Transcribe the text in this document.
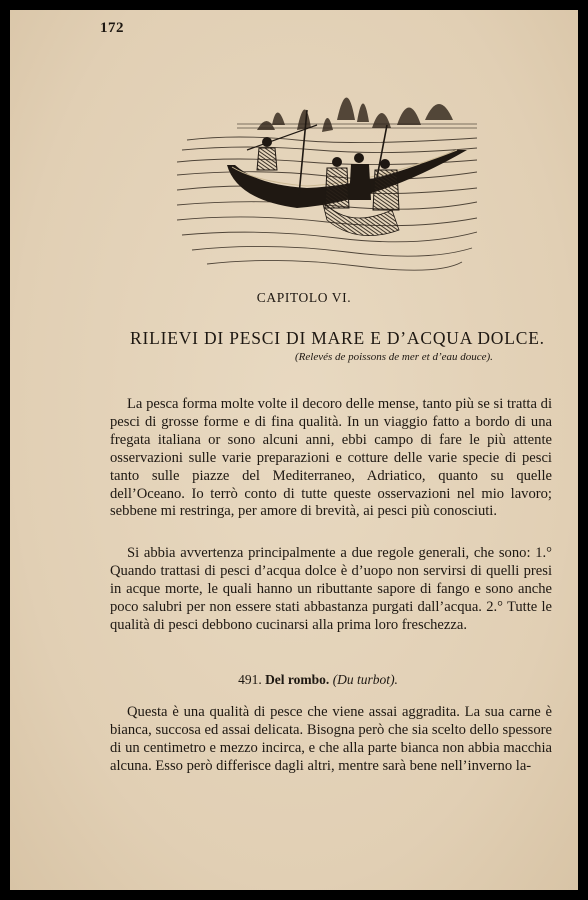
172
CAPITOLO VI.
RILIEVI DI PESCI DI MARE E D’ACQUA DOLCE.
(Relevés de poissons de mer et d’eau douce).

La pesca forma molte volte il decoro delle mense, tanto più se si tratta di pesci di grosse forme e di fina qualità. In un viaggio fatto a bordo di una fregata italiana or sono alcuni anni, ebbi campo di fare le più attente osservazioni sulle varie preparazioni e cotture delle varie specie di pesci tanto sulle piazze del Mediterraneo, Adriatico, quanto su quelle dell’Oceano. Io terrò conto di tutte queste osservazioni nel mio lavoro; sebbene mi restringa, per amore di brevità, ai pesci più conosciuti.

Si abbia avvertenza principalmente a due regole generali, che sono: 1.° Quando trattasi di pesci d’acqua dolce è d’uopo non servirsi di quelli presi in acque morte, le quali hanno un ributtante sapore di fango e sono anche poco salubri per non essere stati abbastanza purgati dall’acqua. 2.° Tutte le qualità di pesci debbono cucinarsi alla prima loro freschezza.

491. Del rombo. (Du turbot).

Questa è una qualità di pesce che viene assai aggradita. La sua carne è bianca, succosa ed assai delicata. Bisogna però che sia scelto dello spessore di un centimetro e mezzo incirca, e che alla parte bianca non abbia macchia alcuna. Esso però differisce dagli altri, mentre sarà bene nell’inverno la-
